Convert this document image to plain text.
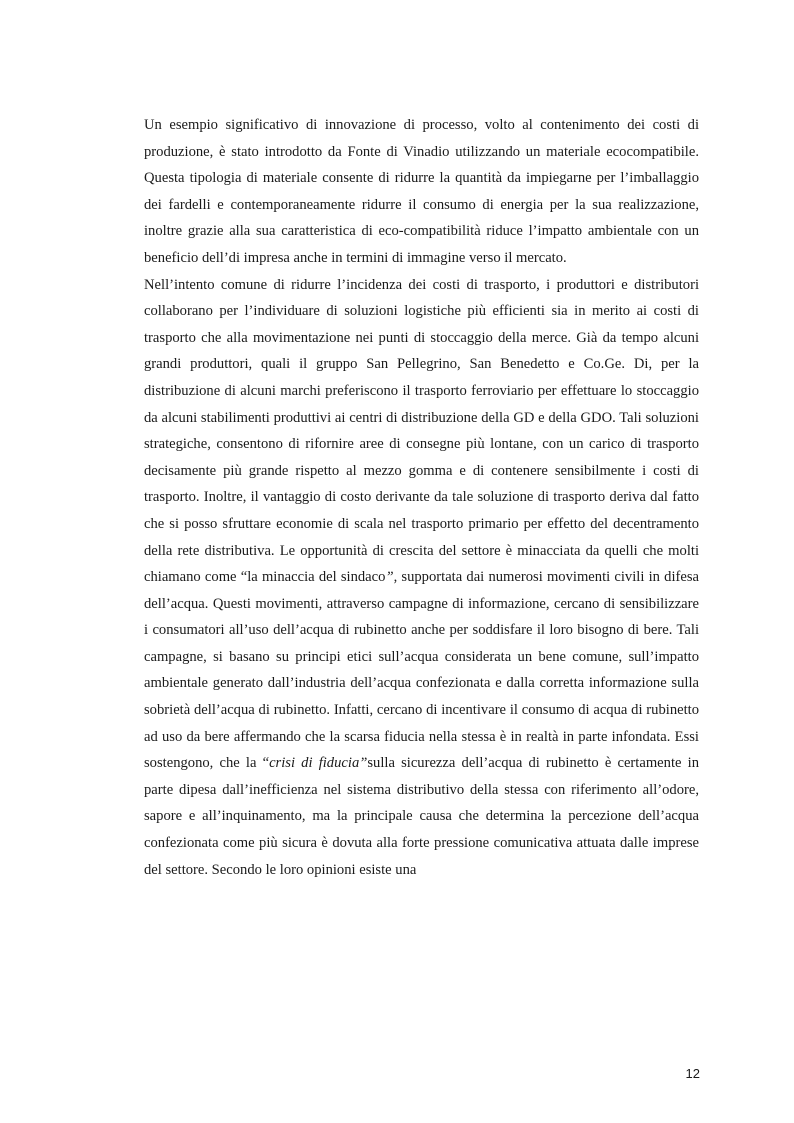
Un esempio significativo di innovazione di processo, volto al contenimento dei costi di produzione, è stato introdotto da Fonte di Vinadio utilizzando un materiale ecocompatibile. Questa tipologia di materiale consente di ridurre la quantità da impiegarne per l’imballaggio dei fardelli e contemporaneamente ridurre il consumo di energia per la sua realizzazione, inoltre grazie alla sua caratteristica di eco-compatibilità riduce l’impatto ambientale con un beneficio dell’di impresa anche in termini di immagine verso il mercato.

Nell’intento comune di ridurre l’incidenza dei costi di trasporto, i produttori e distributori collaborano per l’individuare di soluzioni logistiche più efficienti sia in merito ai costi di trasporto che alla movimentazione nei punti di stoccaggio della merce. Già da tempo alcuni grandi produttori, quali il gruppo San Pellegrino, San Benedetto e Co.Ge. Di, per la distribuzione di alcuni marchi preferiscono il trasporto ferroviario per effettuare lo stoccaggio da alcuni stabilimenti produttivi ai centri di distribuzione della GD e della GDO. Tali soluzioni strategiche, consentono di rifornire aree di consegne più lontane, con un carico di trasporto decisamente più grande rispetto al mezzo gomma e di contenere sensibilmente i costi di trasporto. Inoltre, il vantaggio di costo derivante da tale soluzione di trasporto deriva dal fatto che si posso sfruttare economie di scala nel trasporto primario per effetto del decentramento della rete distributiva. Le opportunità di crescita del settore è minacciata da quelli che molti chiamano come “la minaccia del sindaco”, supportata dai numerosi movimenti civili in difesa dell’acqua. Questi movimenti, attraverso campagne di informazione, cercano di sensibilizzare i consumatori all’uso dell’acqua di rubinetto anche per soddisfare il loro bisogno di bere. Tali campagne, si basano su principi etici sull’acqua considerata un bene comune, sull’impatto ambientale generato dall’industria dell’acqua confezionata e dalla corretta informazione sulla sobrietà dell’acqua di rubinetto. Infatti, cercano di incentivare il consumo di acqua di rubinetto ad uso da bere affermando che la scarsa fiducia nella stessa è in realtà in parte infondata. Essi sostengono, che la “crisi di fiducia”sulla sicurezza dell’acqua di rubinetto è certamente in parte dipesa dall’inefficienza nel sistema distributivo della stessa con riferimento all’odore, sapore e all’inquinamento, ma la principale causa che determina la percezione dell’acqua confezionata come più sicura è dovuta alla forte pressione comunicativa attuata dalle imprese del settore. Secondo le loro opinioni esiste una

12
